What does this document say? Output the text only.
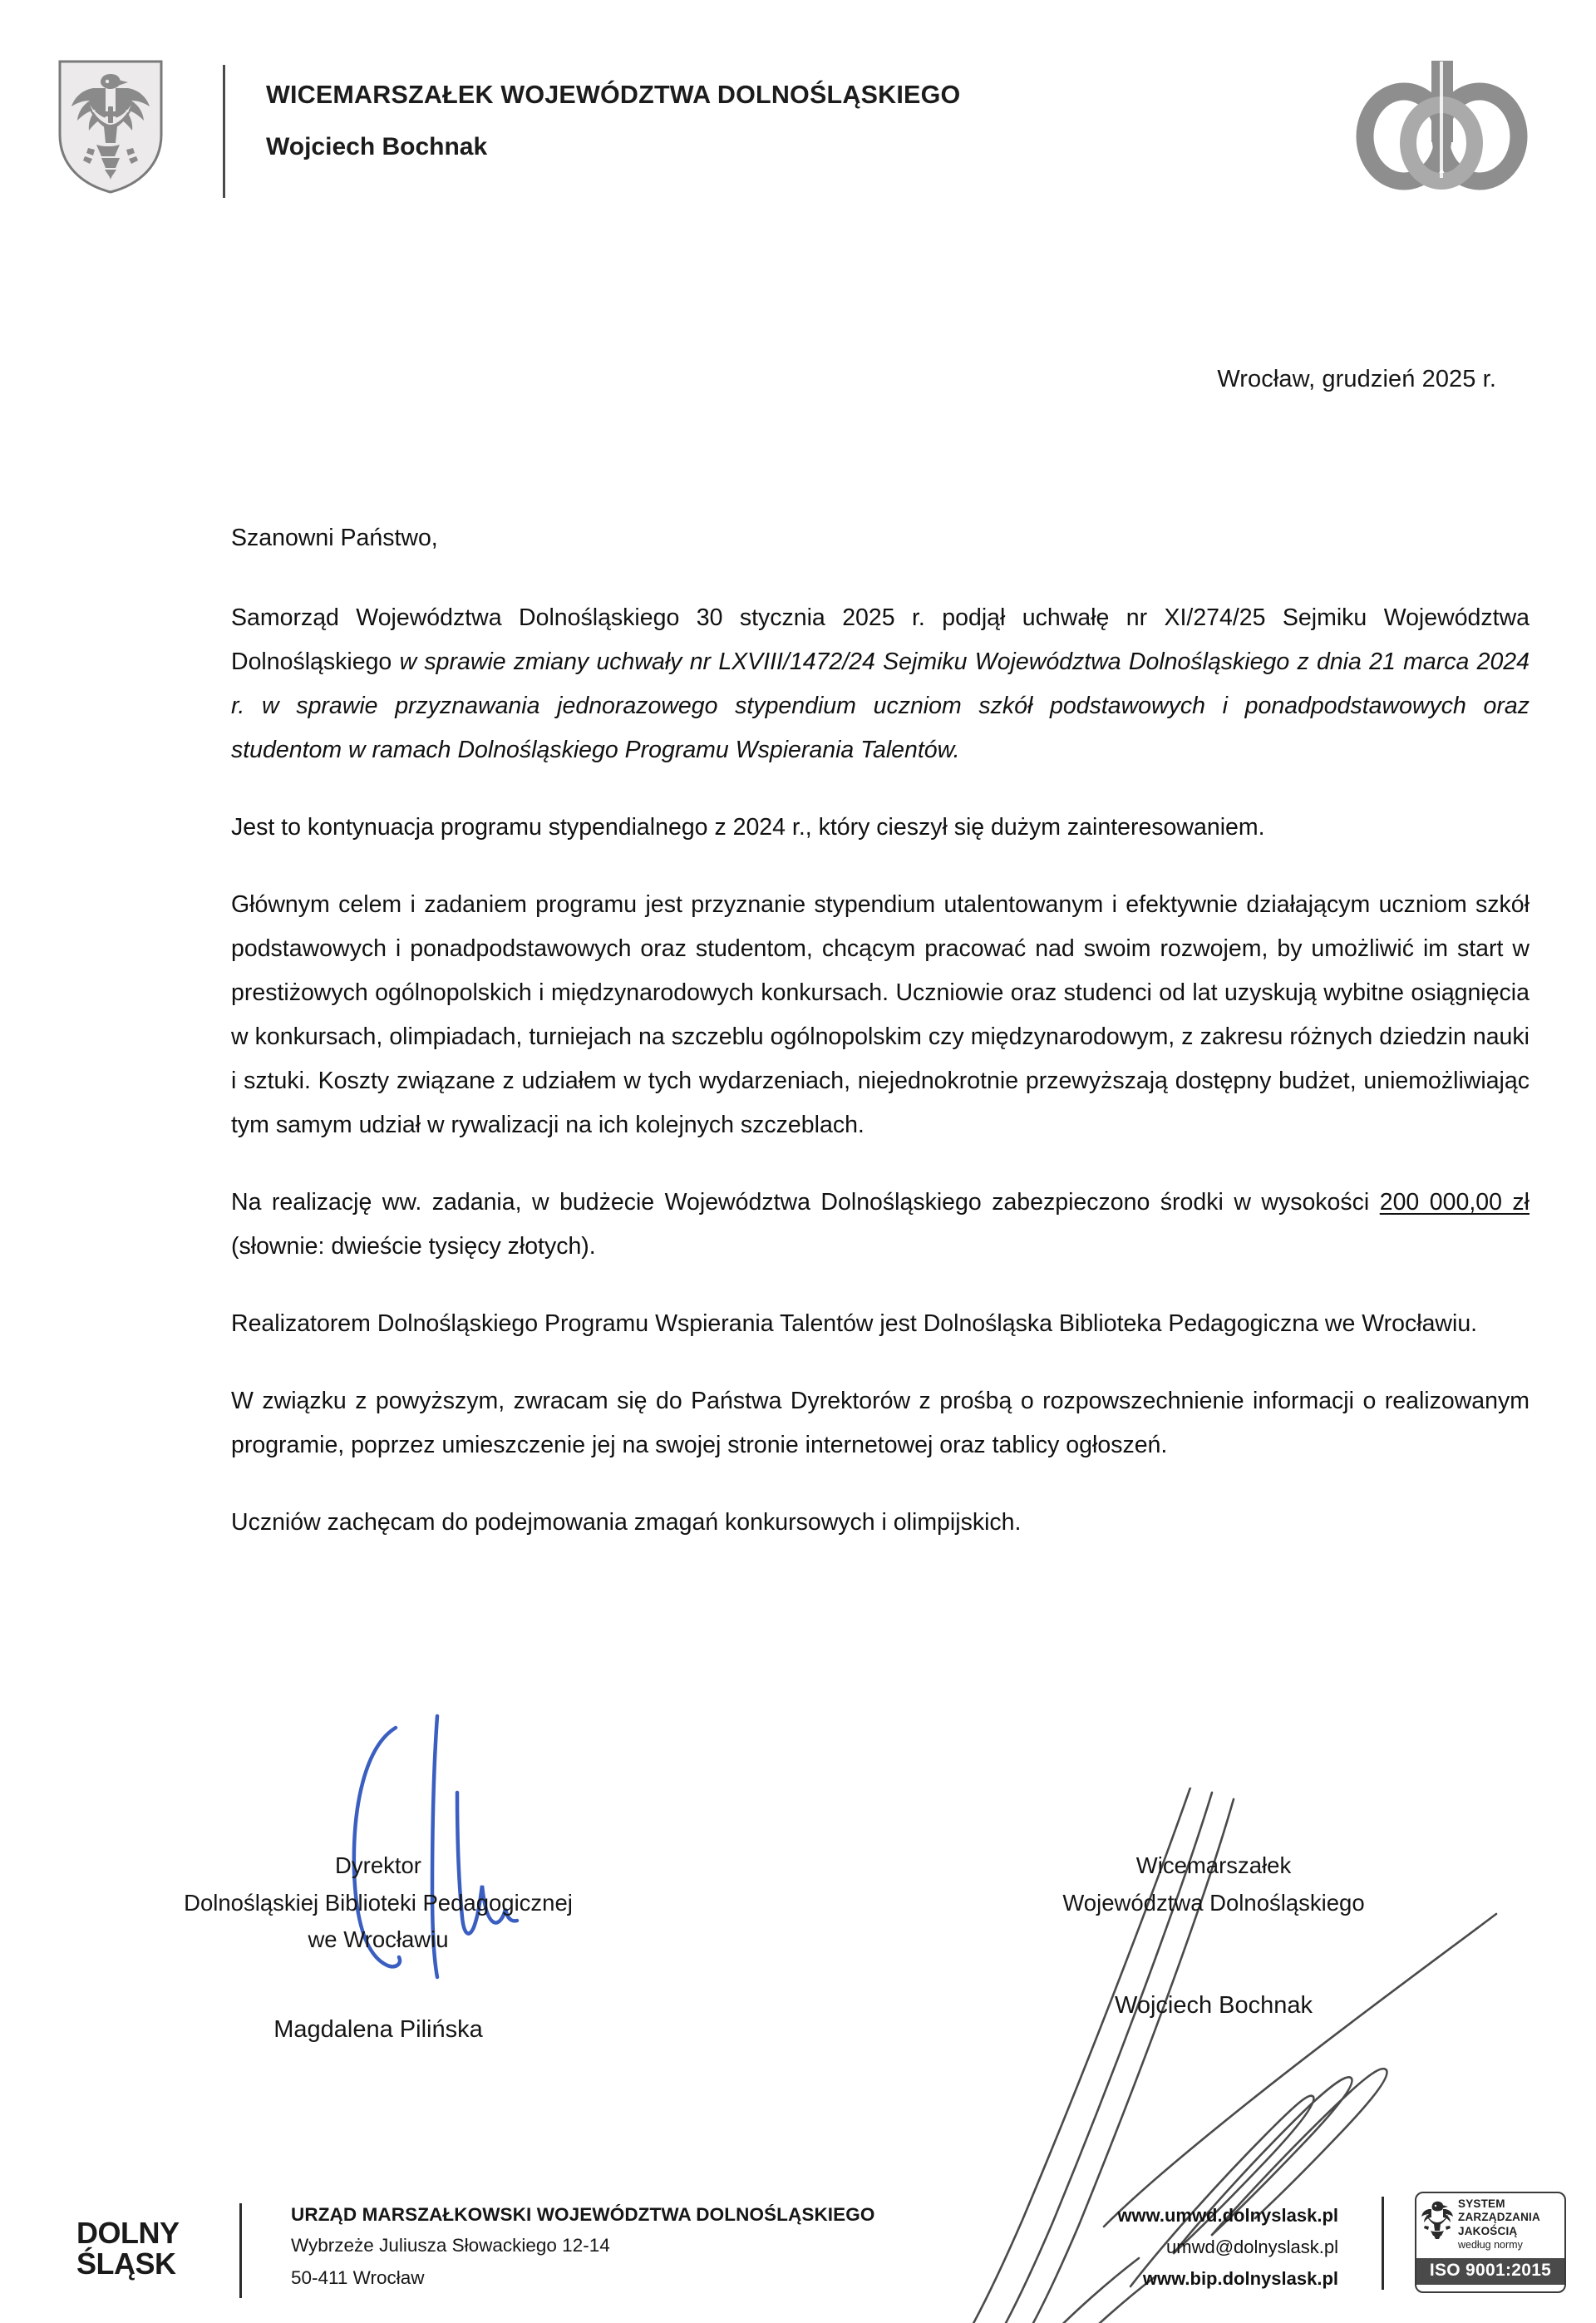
WICEMARSZAŁEK WOJEWÓDZTWA DOLNOŚLĄSKIEGO
Wojciech Bochnak
Wrocław, grudzień 2025 r.
Szanowni Państwo,

Samorząd Województwa Dolnośląskiego 30 stycznia 2025 r. podjął uchwałę nr XI/274/25 Sejmiku Województwa Dolnośląskiego w sprawie zmiany uchwały nr LXVIII/1472/24 Sejmiku Województwa Dolnośląskiego z dnia 21 marca 2024 r. w sprawie przyznawania jednorazowego stypendium uczniom szkół podstawowych i ponadpodstawowych oraz studentom w ramach Dolnośląskiego Programu Wspierania Talentów.

Jest to kontynuacja programu stypendialnego z 2024 r., który cieszył się dużym zainteresowaniem.

Głównym celem i zadaniem programu jest przyznanie stypendium utalentowanym i efektywnie działającym uczniom szkół podstawowych i ponadpodstawowych oraz studentom, chcącym pracować nad swoim rozwojem, by umożliwić im start w prestiżowych ogólnopolskich i międzynarodowych konkursach. Uczniowie oraz studenci od lat uzyskują wybitne osiągnięcia w konkursach, olimpiadach, turniejach na szczeblu ogólnopolskim czy międzynarodowym, z zakresu różnych dziedzin nauki i sztuki. Koszty związane z udziałem w tych wydarzeniach, niejednokrotnie przewyższają dostępny budżet, uniemożliwiając tym samym udział w rywalizacji na ich kolejnych szczeblach.

Na realizację ww. zadania, w budżecie Województwa Dolnośląskiego zabezpieczono środki w wysokości 200 000,00 zł (słownie: dwieście tysięcy złotych).

Realizatorem Dolnośląskiego Programu Wspierania Talentów jest Dolnośląska Biblioteka Pedagogiczna we Wrocławiu.

W związku z powyższym, zwracam się do Państwa Dyrektorów z prośbą o rozpowszechnienie informacji o realizowanym programie, poprzez umieszczenie jej na swojej stronie internetowej oraz tablicy ogłoszeń.

Uczniów zachęcam do podejmowania zmagań konkursowych i olimpijskich.

Dyrektor
Dolnośląskiej Biblioteki Pedagogicznej
we Wrocławiu
Magdalena Pilińska
Wicemarszałek
Województwa Dolnośląskiego
Wojciech Bochnak
DOLNY
ŚLĄSK
URZĄD MARSZAŁKOWSKI WOJEWÓDZTWA DOLNOŚLĄSKIEGO
Wybrzeże Juliusza Słowackiego 12-14
50-411 Wrocław
www.umwd.dolnyslask.pl
umwd@dolnyslask.pl
www.bip.dolnyslask.pl
SYSTEM
ZARZĄDZANIA
JAKOŚCIĄ
według normy
ISO 9001:2015
